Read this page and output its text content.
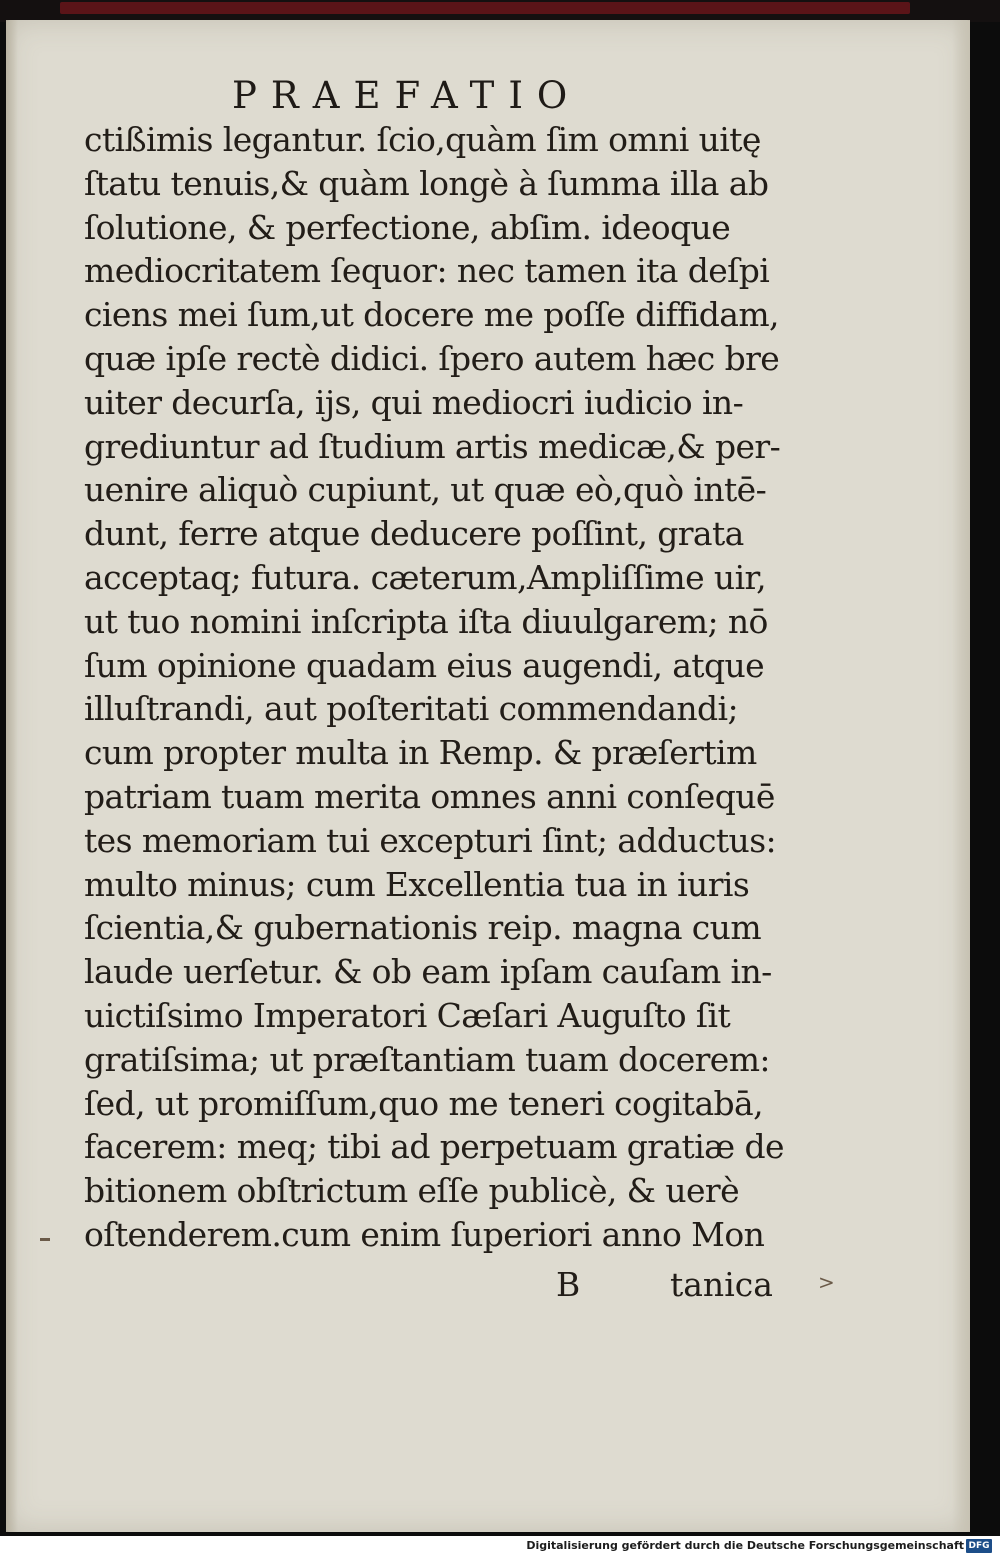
PRAEFATIO
ctißimis legantur. ſcio,quàm ſim omni uitę
ſtatu tenuis,& quàm longè à ſumma illa ab
ſolutione, & perfectione, abſim. ideoque
mediocritatem ſequor: nec tamen ita deſpi
ciens mei ſum,ut docere me poſſe diffidam,
quæ ipſe rectè didici. ſpero autem hæc bre
uiter decurſa, ijs, qui mediocri iudicio in-
grediuntur ad ſtudium artis medicæ,& per-
uenire aliquò cupiunt, ut quæ eò,quò intē-
dunt, ferre atque deducere poſſint, grata
acceptaq; futura. cæterum,Ampliſſime uir,
ut tuo nomini inſcripta iſta diuulgarem; nō
ſum opinione quadam eius augendi, atque
illuſtrandi, aut poſteritati commendandi;
cum propter multa in Remp. & præſertim
patriam tuam merita omnes anni conſequē
tes memoriam tui excepturi ſint; adductus:
multo minus; cum Excellentia tua in iuris
ſcientia,& gubernationis reip. magna cum
laude uerſetur. & ob eam ipſam cauſam in-
uictiſsimo Imperatori Cæſari Auguſto ſit
gratiſsima; ut præſtantiam tuam docerem:
ſed, ut promiſſum,quo me teneri cogitabā,
facerem: meq; tibi ad perpetuam gratiæ de
bitionem obſtrictum eſſe publicè, & uerè
oſtenderem.cum enim ſuperiori anno Mon
B	tanica >
Digitalisierung gefördert durch die Deutsche Forschungsgemeinschaft DFG
